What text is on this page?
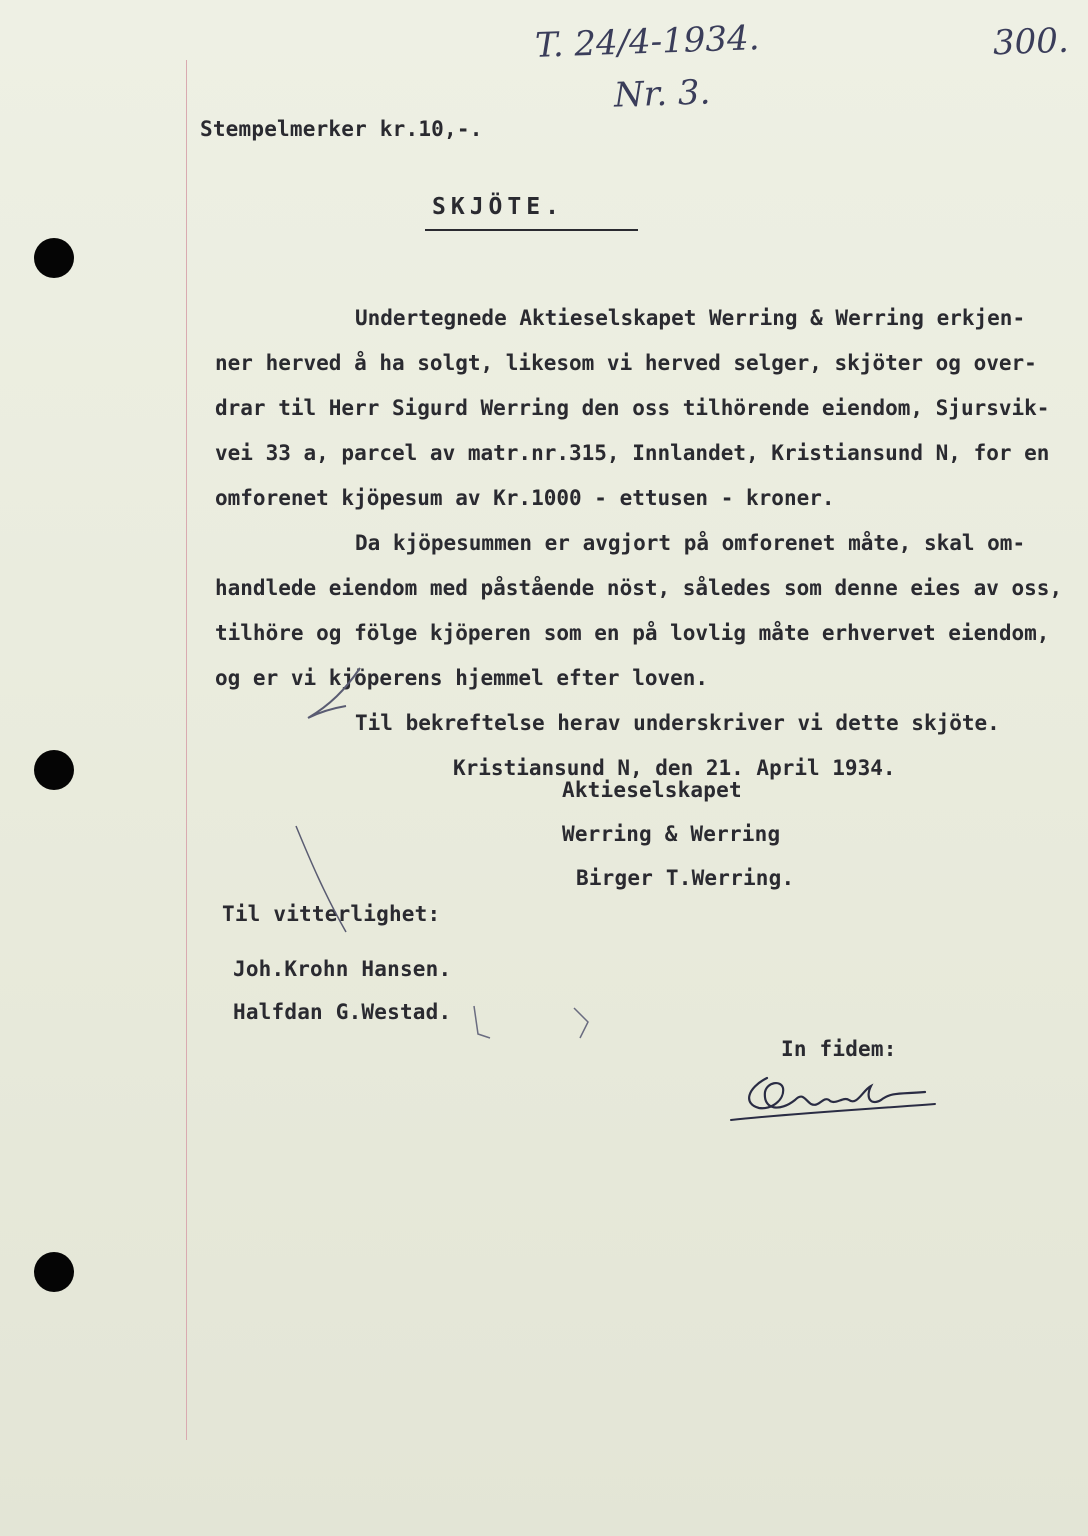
T. 24/4-1934.
Nr. 3.
300.
Stempelmerker kr.10,-.
SKJÖTE.
Undertegnede Aktieselskapet Werring & Werring erkjen-
ner herved å ha solgt, likesom vi herved selger, skjöter og over-
drar til Herr Sigurd Werring den oss tilhörende eiendom, Sjursvik-
vei 33 a, parcel av matr.nr.315, Innlandet, Kristiansund N, for en
omforenet kjöpesum av Kr.1000 - ettusen - kroner.
Da kjöpesummen er avgjort på omforenet måte, skal om-
handlede eiendom med påstående nöst, således som denne eies av oss,
tilhöre og fölge kjöperen som en på lovlig måte erhvervet eiendom,
og er vi kjöperens hjemmel efter loven.
Til bekreftelse herav underskriver vi dette skjöte.
Kristiansund N, den 21. April 1934.
Aktieselskapet
Werring & Werring
Birger T.Werring.
Til vitterlighet:
Joh.Krohn Hansen.
Halfdan G.Westad.
In fidem:
